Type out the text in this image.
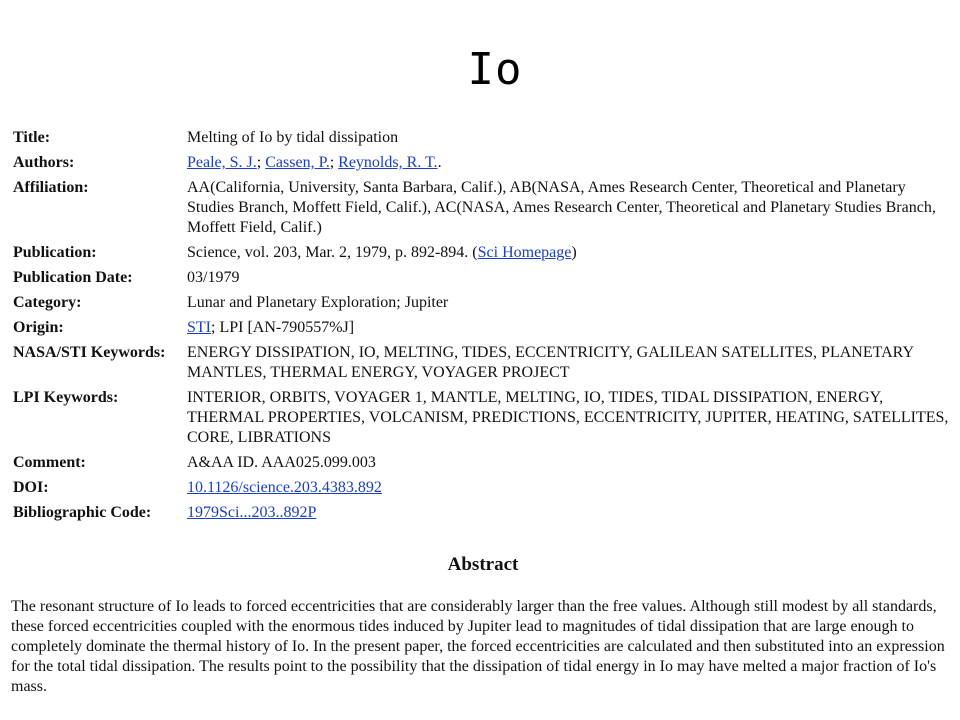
Io
Title:	Melting of Io by tidal dissipation
Authors:	Peale, S. J.; Cassen, P.; Reynolds, R. T..
Affiliation:	AA(California, University, Santa Barbara, Calif.), AB(NASA, Ames Research Center, Theoretical and Planetary Studies Branch, Moffett Field, Calif.), AC(NASA, Ames Research Center, Theoretical and Planetary Studies Branch, Moffett Field, Calif.)
Publication:	Science, vol. 203, Mar. 2, 1979, p. 892-894. (Sci Homepage)
Publication Date:	03/1979
Category:	Lunar and Planetary Exploration; Jupiter
Origin:	STI; LPI [AN-790557%J]
NASA/STI Keywords:	ENERGY DISSIPATION, IO, MELTING, TIDES, ECCENTRICITY, GALILEAN SATELLITES, PLANETARY MANTLES, THERMAL ENERGY, VOYAGER PROJECT
LPI Keywords:	INTERIOR, ORBITS, VOYAGER 1, MANTLE, MELTING, IO, TIDES, TIDAL DISSIPATION, ENERGY, THERMAL PROPERTIES, VOLCANISM, PREDICTIONS, ECCENTRICITY, JUPITER, HEATING, SATELLITES, CORE, LIBRATIONS
Comment:	A&AA ID. AAA025.099.003
DOI:	10.1126/science.203.4383.892
Bibliographic Code:	1979Sci...203..892P
Abstract
The resonant structure of Io leads to forced eccentricities that are considerably larger than the free values. Although still modest by all standards, these forced eccentricities coupled with the enormous tides induced by Jupiter lead to magnitudes of tidal dissipation that are large enough to completely dominate the thermal history of Io. In the present paper, the forced eccentricities are calculated and then substituted into an expression for the total tidal dissipation. The results point to the possibility that the dissipation of tidal energy in Io may have melted a major fraction of Io's mass.
